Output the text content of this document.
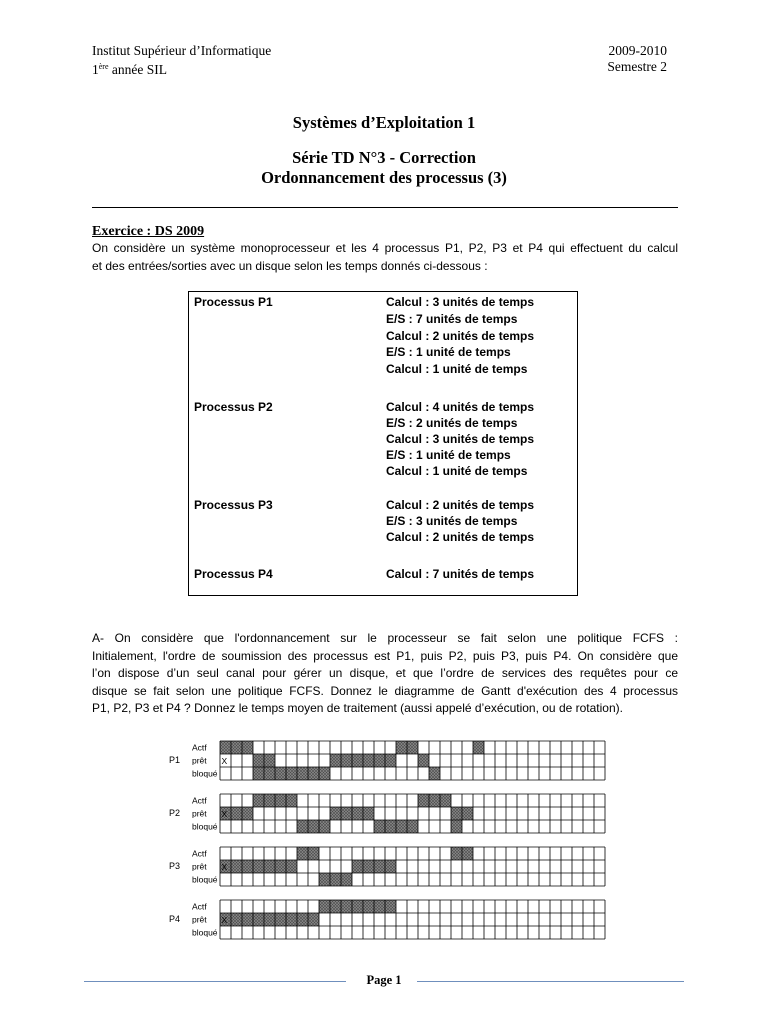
Institut Supérieur d’Informatique
1ère année SIL
2009-2010
Semestre 2
Systèmes d’Exploitation 1
Série TD N°3 - Correction
Ordonnancement des processus (3)
Exercice : DS 2009
On considère un système monoprocesseur et les 4 processus P1, P2, P3 et P4 qui effectuent du calcul
et des entrées/sorties avec un disque selon les temps donnés ci-dessous :
Processus P1	Calcul : 3 unités de temps
E/S : 7 unités de temps
Calcul : 2 unités de temps
E/S : 1 unité de temps
Calcul : 1 unité de temps
Processus P2	Calcul : 4 unités de temps
E/S : 2 unités de temps
Calcul : 3 unités de temps
E/S : 1 unité de temps
Calcul : 1 unité de temps
Processus P3	Calcul : 2 unités de temps
E/S : 3 unités de temps
Calcul : 2 unités de temps
Processus P4	Calcul : 7 unités de temps
A- On considère que l'ordonnancement sur le processeur se fait selon une politique FCFS :
Initialement, l'ordre de soumission des processus est P1, puis P2, puis P3, puis P4. On considère que
l’on dispose d’un seul canal pour gérer un disque, et que l’ordre de services des requêtes pour ce
disque se fait selon une politique FCFS. Donnez le diagramme de Gantt d'exécution des 4 processus
P1, P2, P3 et P4 ? Donnez le temps moyen de traitement (aussi appelé d’exécution, ou de rotation).
X
Actf
prêt
bloqué
P1
X
Actf
prêt
bloqué
P2
X
Actf
prêt
bloqué
P3
X
Actf
prêt
bloqué
P4
Page 1
